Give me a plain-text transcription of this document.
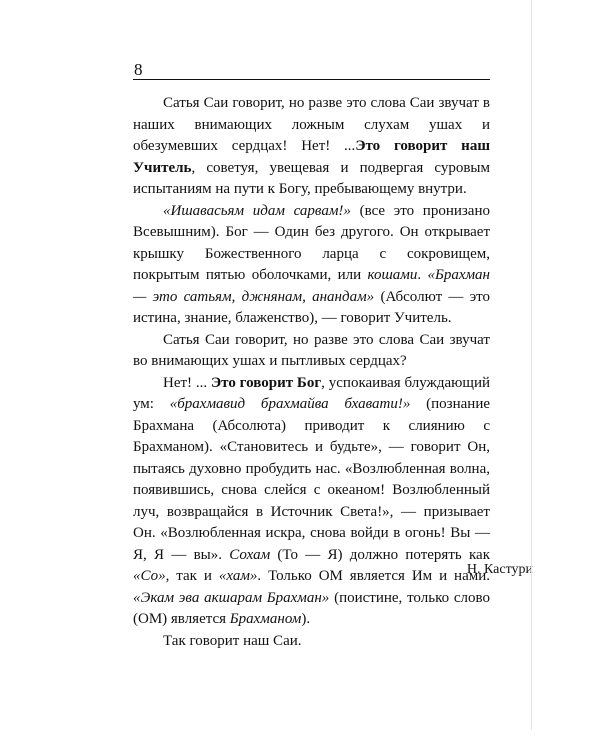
8

Сатья Саи говорит, но разве это слова Саи звучат в наших внимающих ложным слухам ушах и обезумевших сердцах! Нет! ...Это говорит наш Учитель, советуя, увещевая и подвергая суровым испытаниям на пути к Богу, пребывающему внутри.

«Ишавасьям идам сарвам!» (все это пронизано Всевышним). Бог — Один без другого. Он открывает крышку Божественного ларца с сокровищем, покрытым пятью оболочками, или кошами. «Брахман — это сатьям, джнянам, анандам» (Абсолют — это истина, знание, блаженство), — говорит Учитель.

Сатья Саи говорит, но разве это слова Саи звучат во внимающих ушах и пытливых сердцах?

Нет! ... Это говорит Бог, успокаивая блуждающий ум: «брахмавид брахмайва бхавати!» (познание Брахмана (Абсолюта) приводит к слиянию с Брахманом). «Становитесь и будьте», — говорит Он, пытаясь духовно пробудить нас. «Возлюбленная волна, появившись, снова слейся с океаном! Возлюбленный луч, возвращайся в Источник Света!», — призывает Он. «Возлюбленная искра, снова войди в огонь! Вы — Я, Я — вы». Сохам (То — Я) должно потерять как «Со», так и «хам». Только ОМ является Им и нами. «Экам эва акшарам Брахман» (поистине, только слово (ОМ) является Брахманом).

Так говорит наш Саи.

Н. Кастури
